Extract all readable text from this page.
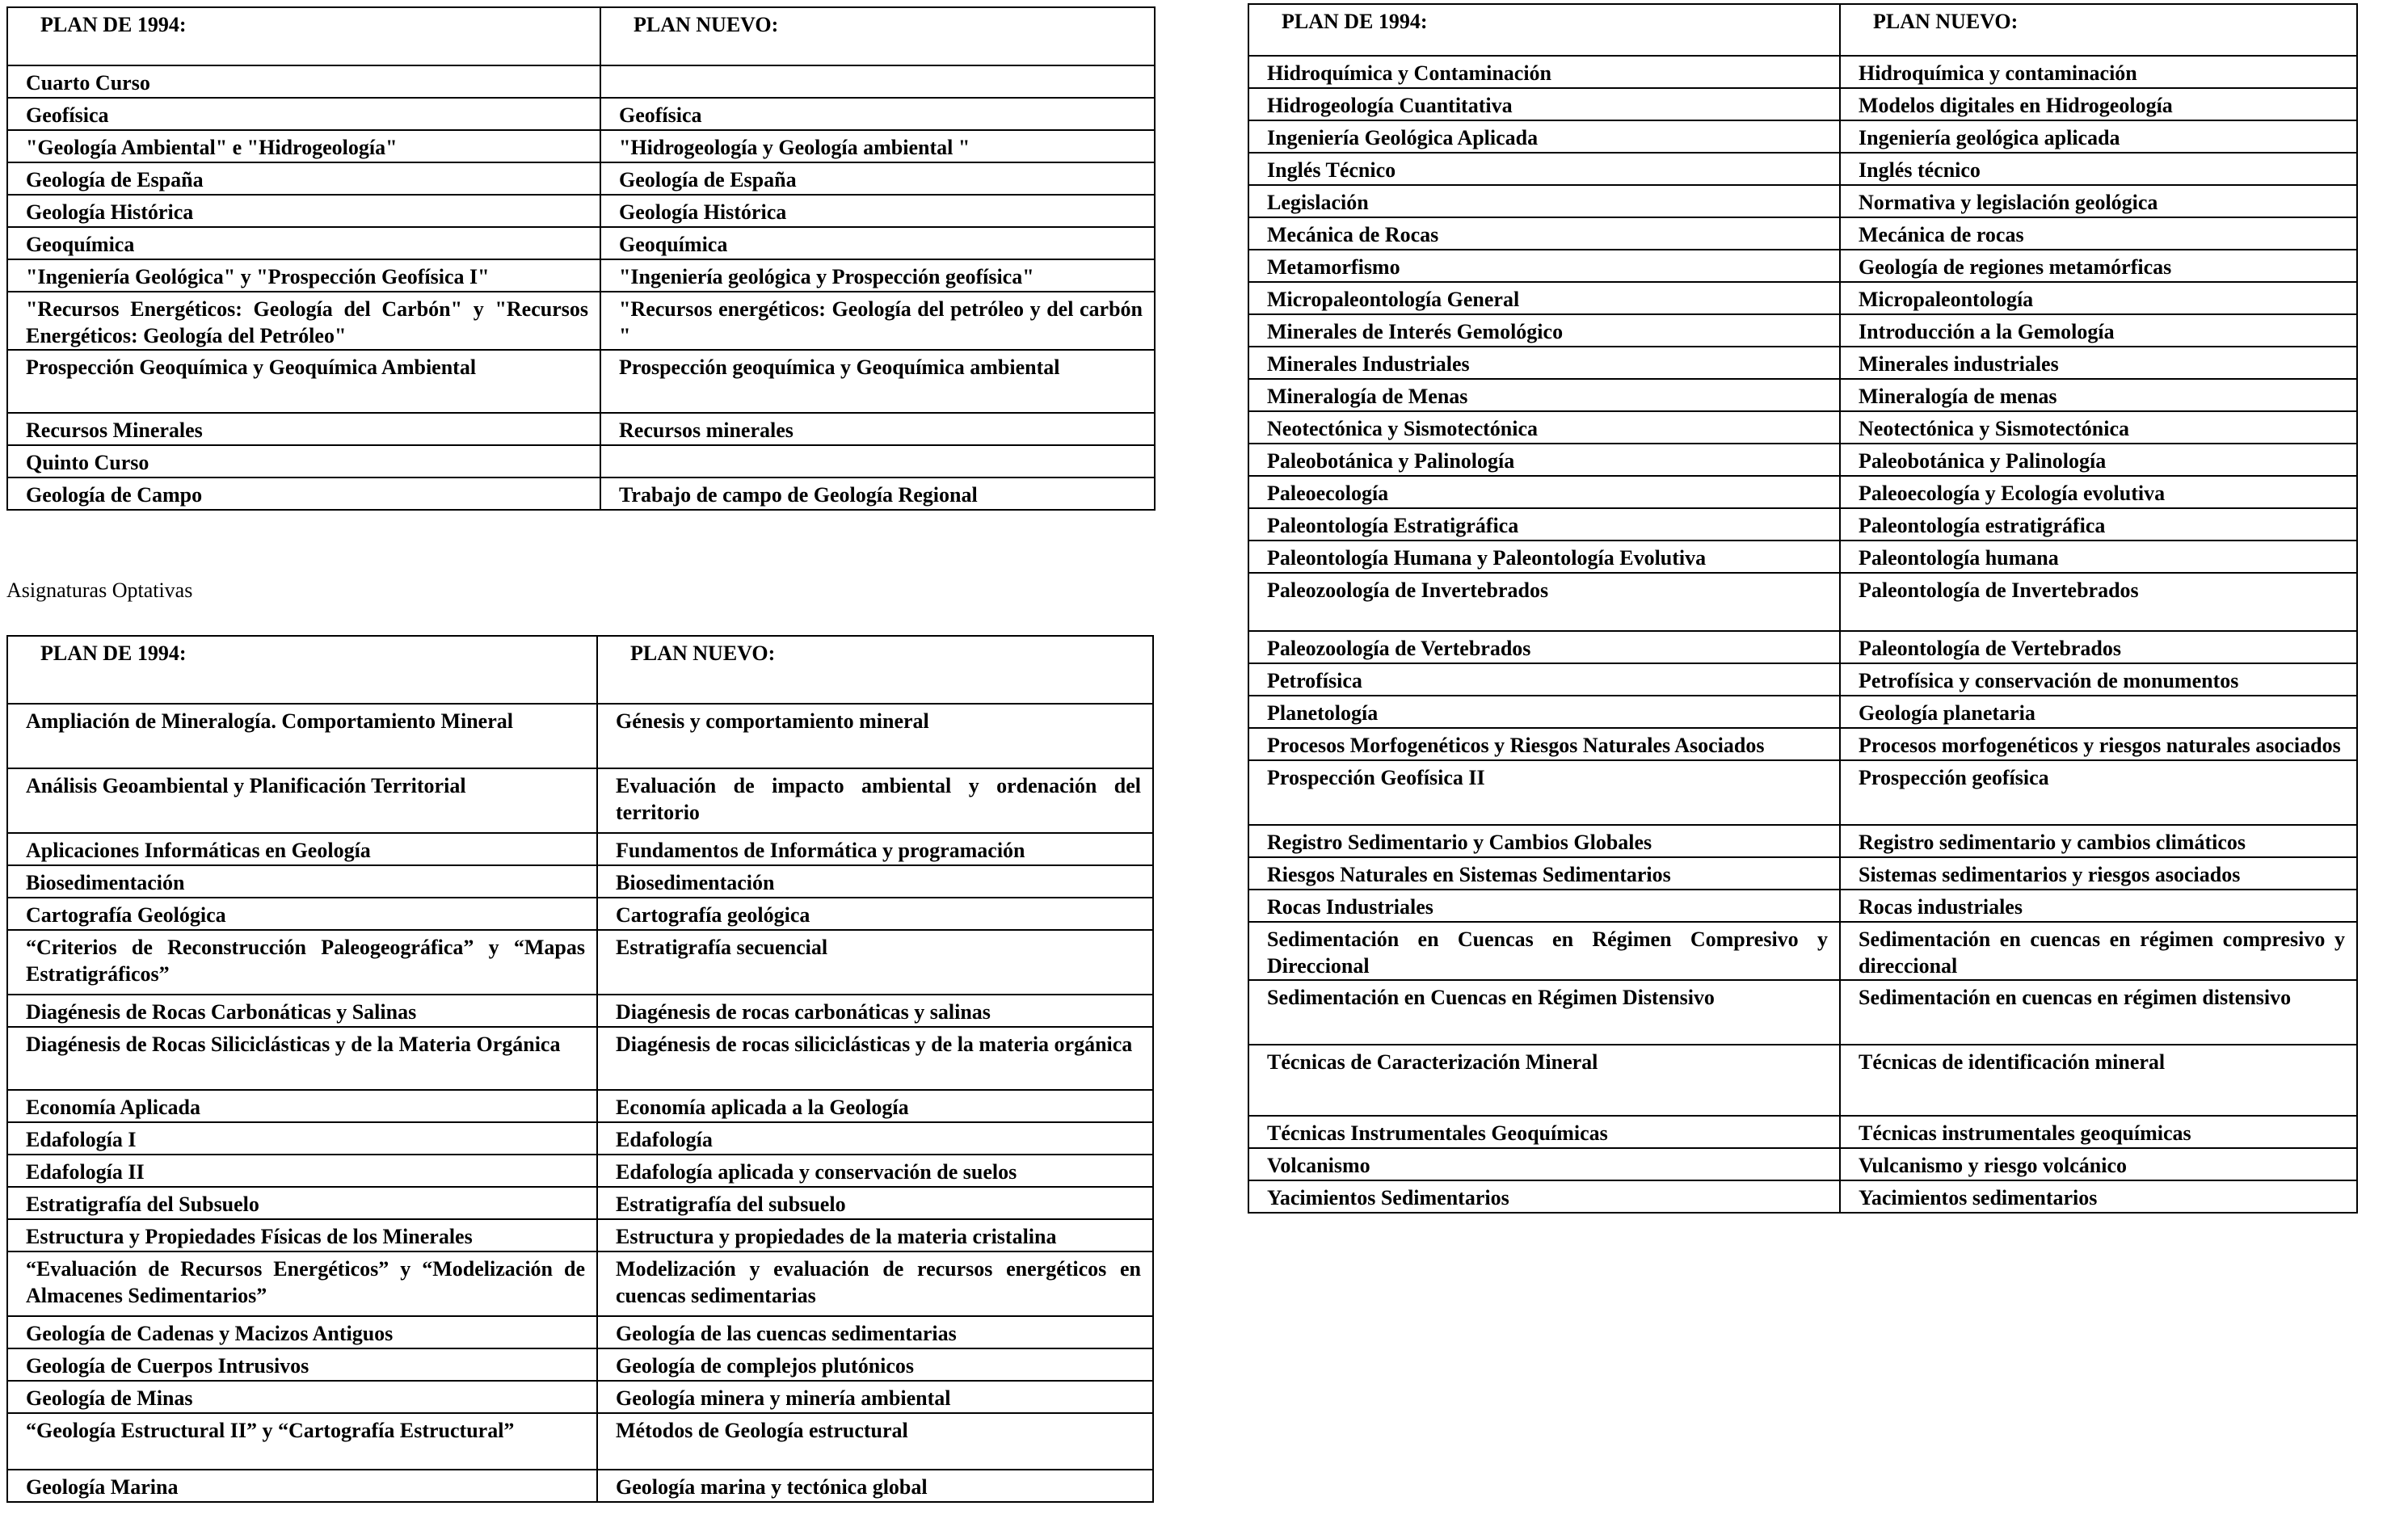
PLAN DE 1994:	PLAN NUEVO:
Cuarto Curso	
Geofísica	Geofísica
"Geología Ambiental" e "Hidrogeología"	"Hidrogeología y Geología ambiental "
Geología de España	Geología de España
Geología Histórica	Geología Histórica
Geoquímica	Geoquímica
"Ingeniería Geológica" y "Prospección Geofísica I"	"Ingeniería geológica y Prospección geofísica"
"Recursos Energéticos: Geología del Carbón" y "Recursos Energéticos: Geología del Petróleo"	"Recursos energéticos: Geología del petróleo y del carbón "
Prospección Geoquímica y Geoquímica Ambiental	Prospección geoquímica y Geoquímica ambiental
Recursos Minerales	Recursos minerales
Quinto Curso	
Geología de Campo	Trabajo de campo de Geología Regional
Asignaturas Optativas
PLAN DE 1994:	PLAN NUEVO:
Ampliación de Mineralogía. Comportamiento Mineral	Génesis y comportamiento mineral
Análisis Geoambiental y Planificación Territorial	Evaluación de impacto ambiental y ordenación del territorio
Aplicaciones Informáticas en Geología	Fundamentos de Informática y programación
Biosedimentación	Biosedimentación
Cartografía Geológica	Cartografía geológica
“Criterios de Reconstrucción Paleogeográfica” y “Mapas Estratigráficos”	Estratigrafía secuencial
Diagénesis de Rocas Carbonáticas y Salinas	Diagénesis de rocas carbonáticas y salinas
Diagénesis de Rocas Siliciclásticas y de la Materia Orgánica	Diagénesis de rocas siliciclásticas y de la materia orgánica
Economía Aplicada	Economía aplicada a la Geología
Edafología I	Edafología
Edafología II	Edafología aplicada y conservación de suelos
Estratigrafía del Subsuelo	Estratigrafía del subsuelo
Estructura y Propiedades Físicas de los Minerales	Estructura y propiedades de la materia cristalina
“Evaluación de Recursos Energéticos” y “Modelización de Almacenes Sedimentarios”	Modelización y evaluación de recursos energéticos en cuencas sedimentarias
Geología de Cadenas y Macizos Antiguos	Geología de las cuencas sedimentarias
Geología de Cuerpos Intrusivos	Geología de complejos plutónicos
Geología de Minas	Geología minera y minería ambiental
“Geología Estructural II” y “Cartografía Estructural”	Métodos de Geología estructural
Geología Marina	Geología marina y tectónica global
PLAN DE 1994:	PLAN NUEVO:
Hidroquímica y Contaminación	Hidroquímica y contaminación
Hidrogeología Cuantitativa	Modelos digitales en Hidrogeología
Ingeniería Geológica Aplicada	Ingeniería geológica aplicada
Inglés Técnico	Inglés técnico
Legislación	Normativa y legislación geológica
Mecánica de Rocas	Mecánica de rocas
Metamorfismo	Geología de regiones metamórficas
Micropaleontología General	Micropaleontología
Minerales de Interés Gemológico	Introducción a la Gemología
Minerales Industriales	Minerales industriales
Mineralogía de Menas	Mineralogía de menas
Neotectónica y Sismotectónica	Neotectónica y Sismotectónica
Paleobotánica y Palinología	Paleobotánica y Palinología
Paleoecología	Paleoecología y Ecología evolutiva
Paleontología Estratigráfica	Paleontología estratigráfica
Paleontología Humana y Paleontología Evolutiva	Paleontología humana
Paleozoología de Invertebrados	Paleontología de Invertebrados
Paleozoología de Vertebrados	Paleontología de Vertebrados
Petrofísica	Petrofísica y conservación de monumentos
Planetología	Geología planetaria
Procesos Morfogenéticos y Riesgos Naturales Asociados	Procesos morfogenéticos y riesgos naturales asociados
Prospección Geofísica II	Prospección geofísica
Registro Sedimentario y Cambios Globales	Registro sedimentario y cambios climáticos
Riesgos Naturales en Sistemas Sedimentarios	Sistemas sedimentarios y riesgos asociados
Rocas Industriales	Rocas industriales
Sedimentación en Cuencas en Régimen Compresivo y Direccional	Sedimentación en cuencas en régimen compresivo y direccional
Sedimentación en Cuencas en Régimen Distensivo	Sedimentación en cuencas en régimen distensivo
Técnicas de Caracterización Mineral	Técnicas de identificación mineral
Técnicas Instrumentales Geoquímicas	Técnicas instrumentales geoquímicas
Volcanismo	Vulcanismo y riesgo volcánico
Yacimientos Sedimentarios	Yacimientos sedimentarios
